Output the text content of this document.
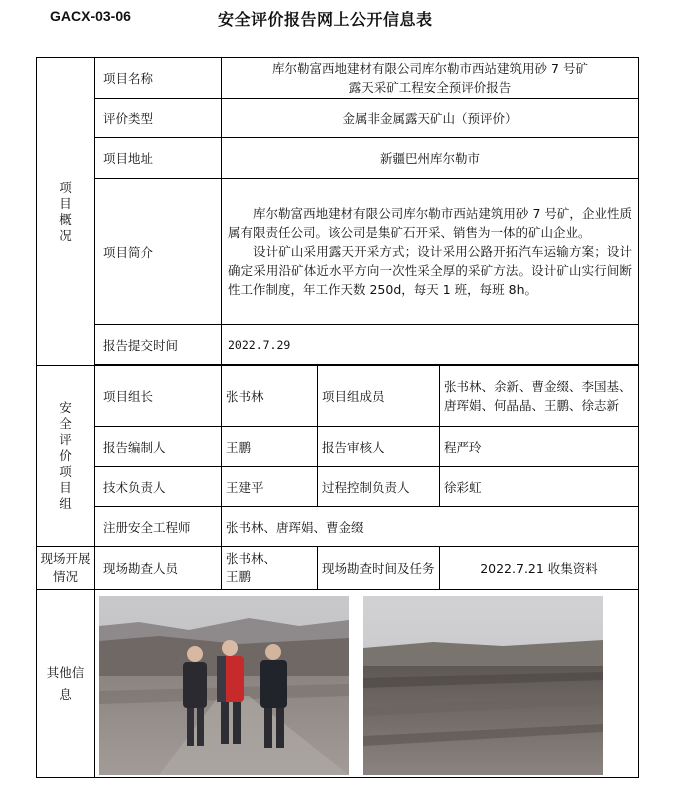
GACX-03-06	安全评价报告网上公开信息表
项目概况	项目名称	库尔勒富西地建材有限公司库尔勒市西站建筑用砂 7 号矿
露天采矿工程安全预评价报告		

	评价类型	金属非金属露天矿山（预评价）		
	项目地址	新疆巴州库尔勒市		
	项目简介	库尔勒富西地建材有限公司库尔勒市西站建筑用砂 7 号矿，企业性质属有限责任公司。该公司是集矿石开采、销售为一体的矿山企业。

设计矿山采用露天开采方式；设计采用公路开拓汽车运输方案；设计确定采用沿矿体近水平方向一次性采全厚的采矿方法。设计矿山实行间断性工作制度，年工作天数 250d，每天 1 班，每班 8h。		

	报告提交时间	2022.7.29		

安全评价项目组	项目组长	张书林	项目组成员	张书林、余新、曹金缀、李国基、唐珲娟、何晶晶、王鹏、徐志新
	报告编制人	王鹏	报告审核人	程严玲
	技术负责人	王建平	过程控制负责人	徐彩虹
	注册安全工程师	张书林、唐珲娟、曹金缀		
现场开展情况	现场勘查人员	张书林、
王鹏	现场勘查时间及任务	2022.7.21 收集资料
其他信息	
